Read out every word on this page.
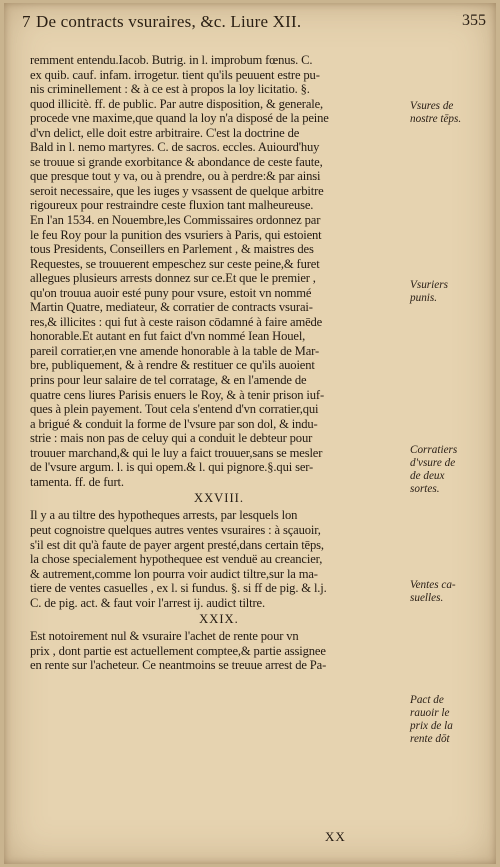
7 De contracts vsuraires, &c. Liure XII.	355
remment entendu.Iacob. Butrig. in l. improbum fœnus. C.
ex quib. cauf. infam. irrogetur. tient qu'ils peuuent estre pu-
nis criminellement : & à ce est à propos la loy licitatio. §.
quod illicitè. ff. de public. Par autre disposition, & generale,
procede vne maxime,que quand la loy n'a disposé de la peine
d'vn delict, elle doit estre arbitraire. C'est la doctrine de
Bald in l. nemo martyres. C. de sacros. eccles. Auiourd'huy
se trouue si grande exorbitance & abondance de ceste faute,
que presque tout y va, ou à prendre, ou à perdre:& par ainsi
seroit necessaire, que les iuges y vsassent de quelque arbitre
rigoureux pour restraindre ceste fluxion tant malheureuse.
En l'an 1534. en Nouembre,les Commissaires ordonnez par
le feu Roy pour la punition des vsuriers à Paris, qui estoient
tous Presidents, Conseillers en Parlement , & maistres des
Requestes, se trouuerent empeschez sur ceste peine,& furet
allegues plusieurs arrests donnez sur ce.Et que le premier ,
qu'on trouua auoir esté puny pour vsure, estoit vn nommé
Martin Quatre, mediateur, & corratier de contracts vsurai-
res,& illicites : qui fut à ceste raison cōdamné à faire amēde
honorable.Et autant en fut faict d'vn nommé Iean Houel,
pareil corratier,en vne amende honorable à la table de Mar-
bre, publiquement, & à rendre & restituer ce qu'ils auoient
prins pour leur salaire de tel corratage, & en l'amende de
quatre cens liures Parisis enuers le Roy, & à tenir prison iuf-
ques à plein payement. Tout cela s'entend d'vn corratier,qui
a brigué & conduit la forme de l'vsure par son dol, & indu-
strie : mais non pas de celuy qui a conduit le debteur pour
trouuer marchand,& qui le luy a faict trouuer,sans se mesler
de l'vsure argum. l. is qui opem.& l. qui pignore.§.qui ser-
tamenta. ff. de furt.
XXVIII.
Il y a au tiltre des hypotheques arrests, par lesquels lon
peut cognoistre quelques autres ventes vsuraires : à sçauoir,
s'il est dit qu'à faute de payer argent presté,dans certain tēps,
la chose specialement hypothequee est venduë au creancier,
& autrement,comme lon pourra voir audict tiltre,sur la ma-
tiere de ventes casuelles , ex l. si fundus. §. si ff de pig. & l.j.
C. de pig. act. & faut voir l'arrest ij. audict tiltre.
XXIX.
Est notoirement nul & vsuraire l'achet de rente pour vn
prix , dont partie est actuellement comptee,& partie assignee
en rente sur l'acheteur. Ce neantmoins se treuue arrest de Pa-
Vsures de
nostre tēps.
Vsuriers
punis.
Corratiers
d'vsure de
de deux
sortes.
Ventes ca-
suelles.
Pact de
rauoir le
prix de la
rente dōt
XX
